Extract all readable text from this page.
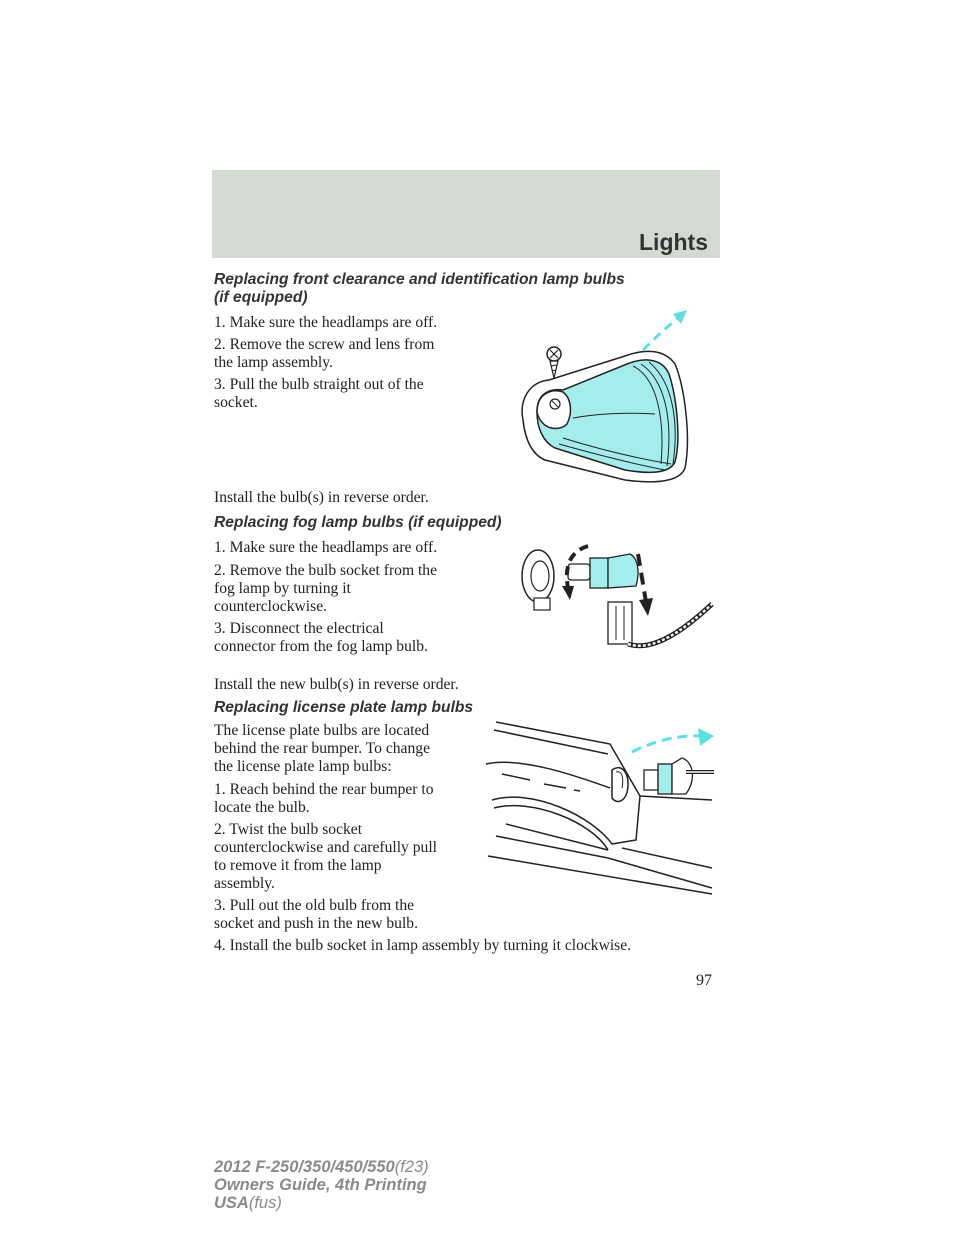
Lights
Replacing front clearance and identification lamp bulbs
(if equipped)

1. Make sure the headlamps are off.

2. Remove the screw and lens from
the lamp assembly.

3. Pull the bulb straight out of the
socket.

Install the bulb(s) in reverse order.

Replacing fog lamp bulbs (if equipped)

1. Make sure the headlamps are off.

2. Remove the bulb socket from the
fog lamp by turning it
counterclockwise.

3. Disconnect the electrical
connector from the fog lamp bulb.

Install the new bulb(s) in reverse order.

Replacing license plate lamp bulbs

The license plate bulbs are located
behind the rear bumper. To change
the license plate lamp bulbs:

1. Reach behind the rear bumper to
locate the bulb.

2. Twist the bulb socket
counterclockwise and carefully pull
to remove it from the lamp
assembly.

3. Pull out the old bulb from the
socket and push in the new bulb.

4. Install the bulb socket in lamp assembly by turning it clockwise.

97
2012 F-250/350/450/550(f23)
Owners Guide, 4th Printing
USA(fus)
